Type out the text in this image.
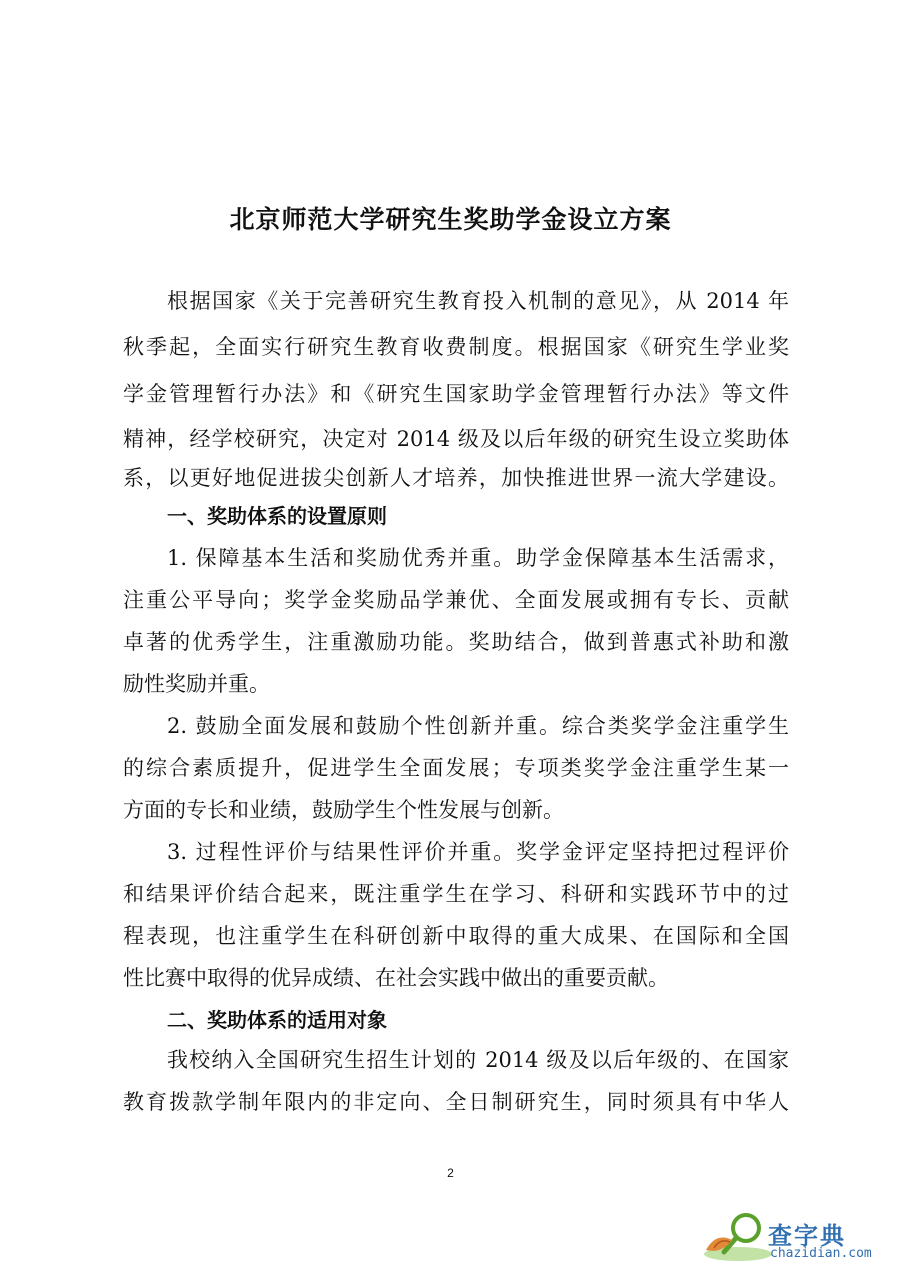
北京师范大学研究生奖助学金设立方案
根据国家《关于完善研究生教育投入机制的意见》，从 2014 年
秋季起，全面实行研究生教育收费制度。根据国家《研究生学业奖
学金管理暂行办法》和《研究生国家助学金管理暂行办法》等文件
精神，经学校研究，决定对 2014 级及以后年级的研究生设立奖助体
系，以更好地促进拔尖创新人才培养，加快推进世界一流大学建设。
一、奖助体系的设置原则
1. 保障基本生活和奖励优秀并重。助学金保障基本生活需求，
注重公平导向；奖学金奖励品学兼优、全面发展或拥有专长、贡献
卓著的优秀学生，注重激励功能。奖助结合，做到普惠式补助和激
励性奖励并重。
2. 鼓励全面发展和鼓励个性创新并重。综合类奖学金注重学生
的综合素质提升，促进学生全面发展；专项类奖学金注重学生某一
方面的专长和业绩，鼓励学生个性发展与创新。
3. 过程性评价与结果性评价并重。奖学金评定坚持把过程评价
和结果评价结合起来，既注重学生在学习、科研和实践环节中的过
程表现，也注重学生在科研创新中取得的重大成果、在国际和全国
性比赛中取得的优异成绩、在社会实践中做出的重要贡献。
二、奖助体系的适用对象
我校纳入全国研究生招生计划的 2014 级及以后年级的、在国家
教育拨款学制年限内的非定向、全日制研究生，同时须具有中华人
2
查字典
chazidian.com
